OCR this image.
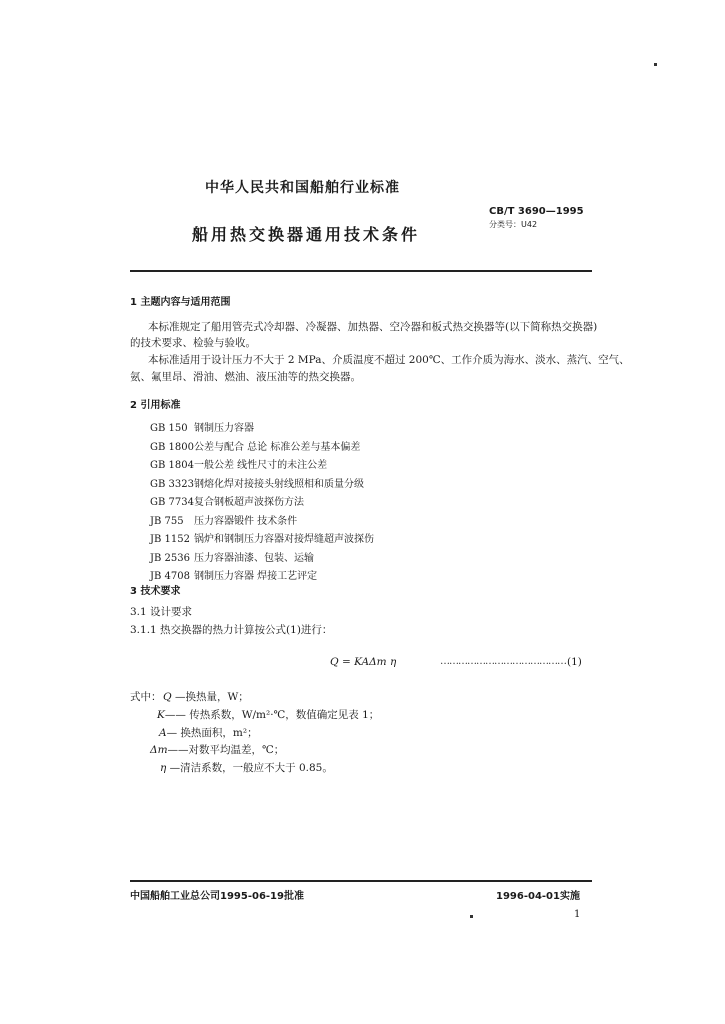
中华人民共和国船舶行业标准
CB/T 3690—1995
分类号：U42
船用热交换器通用技术条件
1 主题内容与适用范围
本标准规定了船用管壳式冷却器、冷凝器、加热器、空冷器和板式热交换器等(以下简称热交换器)
的技术要求、检验与验收。
本标准适用于设计压力不大于 2 MPa、介质温度不超过 200℃、工作介质为海水、淡水、蒸汽、空气、
氨、氟里昂、滑油、燃油、液压油等的热交换器。
2 引用标准
GB 150 钢制压力容器
GB 1800公差与配合 总论 标准公差与基本偏差
GB 1804一般公差 线性尺寸的未注公差
GB 3323钢熔化焊对接接头射线照相和质量分级
GB 7734复合钢板超声波探伤方法
JB 755 压力容器锻件 技术条件
JB 1152 锅炉和钢制压力容器对接焊缝超声波探伤
JB 2536 压力容器油漆、包装、运输
JB 4708 钢制压力容器 焊接工艺评定
3 技术要求
3.1 设计要求
3.1.1 热交换器的热力计算按公式(1)进行：
Q = KAΔm η	…………………………………… (1)
式中： Q —换热量，W；
K—— 传热系数，W/m²·℃，数值确定见表 1；
A— 换热面积，m²；
Δm——对数平均温差，℃；
η —清洁系数，一般应不大于 0.85。
中国船舶工业总公司1995-06-19批准	1996-04-01实施
1
